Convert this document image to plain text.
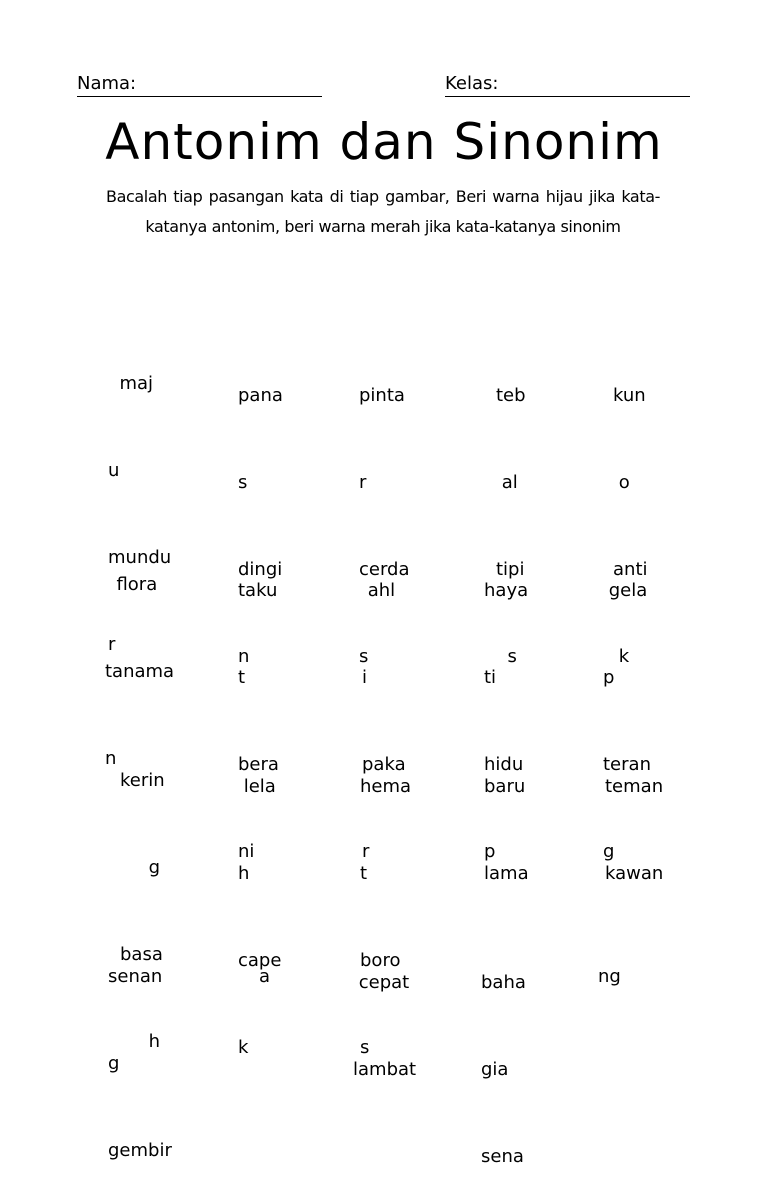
Nama:	Kelas:
Antonim dan Sinonim
Bacalah tiap pasangan kata di tiap gambar, Beri warna hijau jika kata-katanya antonim, beri warna merah jika kata-katanya sinonim

maj

u

mundu

r

pana

s

dingi

n

pinta

r

cerda

s

teb

al

tipi

s

kun

o

anti

k

flora

tanama

n

taku

t

bera

ni

ahl

i

paka

r

haya

ti

hidu

p

gela

p

teran

g

kerin

g

basa

h

lela

h

cape

k

hema

t

boro

s

baru

lama

teman

kawan

senan

g

gembir

a

	cepat

lambat

baha

gia

sena

ng
